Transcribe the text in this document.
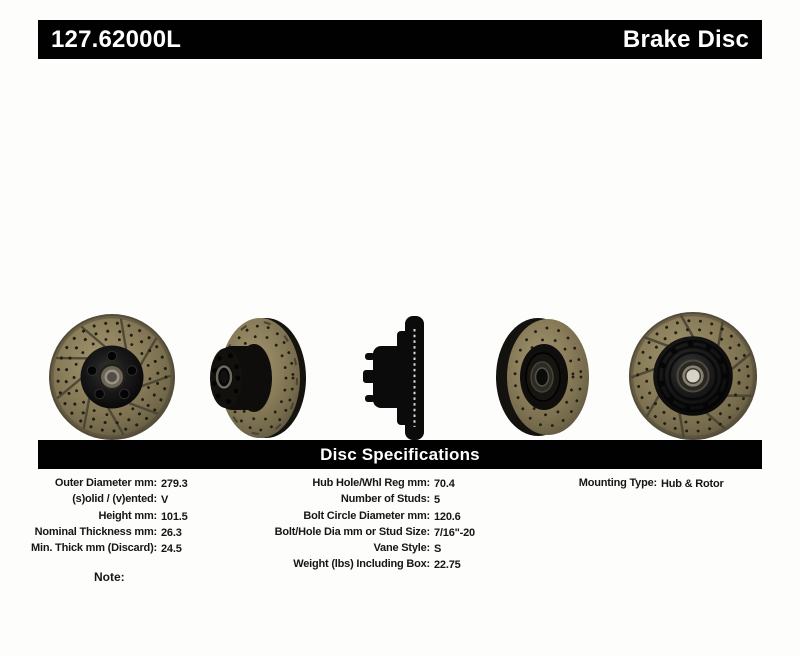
127.62000L	Brake Disc
Disc Specifications
Outer Diameter mm: 279.3
(s)olid / (v)ented: V
Height mm: 101.5
Nominal Thickness mm: 26.3
Min. Thick mm (Discard): 24.5
Hub Hole/Whl Reg mm: 70.4
Number of Studs: 5
Bolt Circle Diameter mm: 120.6
Bolt/Hole Dia mm or Stud Size: 7/16"-20
Vane Style: S
Weight (lbs) Including Box: 22.75
Mounting Type: Hub & Rotor
Note:
